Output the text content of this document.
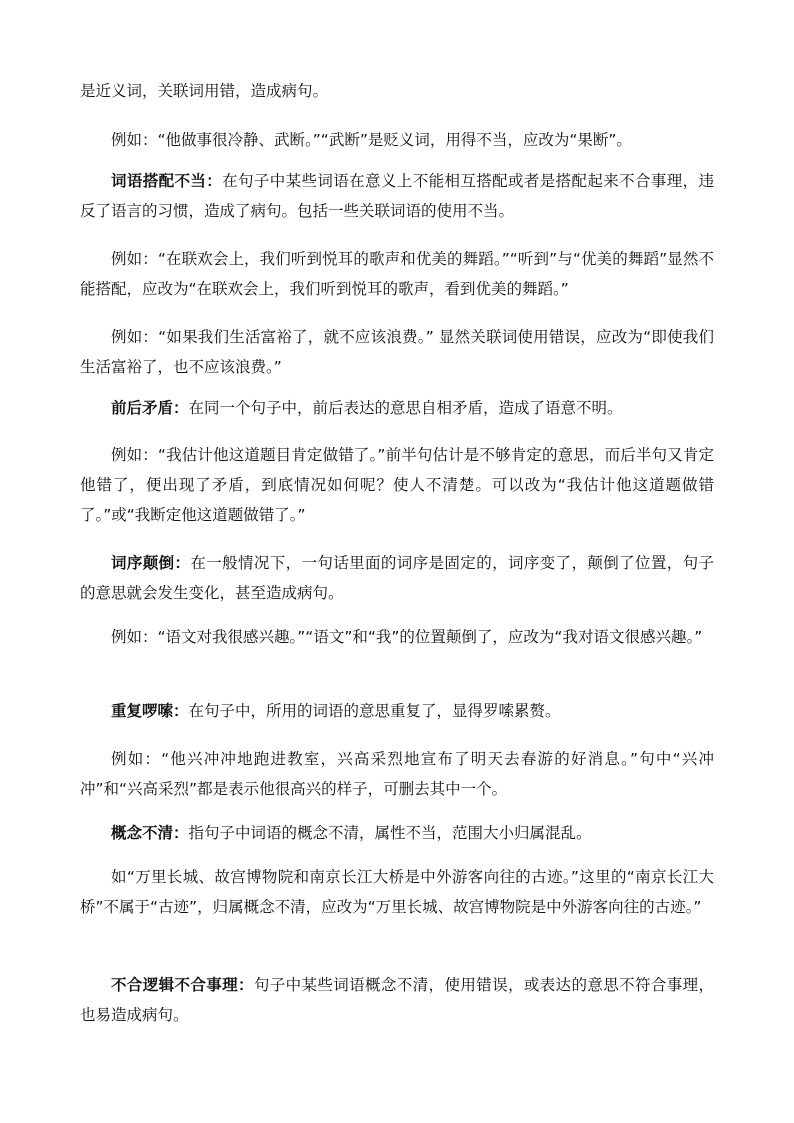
是近义词，关联词用错，造成病句。

例如：“他做事很冷静、武断。”“武断”是贬义词，用得不当，应改为“果断”。

词语搭配不当：在句子中某些词语在意义上不能相互搭配或者是搭配起来不合事理，违反了语言的习惯，造成了病句。包括一些关联词语的使用不当。

例如：“在联欢会上，我们听到悦耳的歌声和优美的舞蹈。”“听到”与“优美的舞蹈”显然不能搭配，应改为“在联欢会上，我们听到悦耳的歌声，看到优美的舞蹈。”

例如：“如果我们生活富裕了，就不应该浪费。” 显然关联词使用错误，应改为“即使我们生活富裕了，也不应该浪费。”

前后矛盾：在同一个句子中，前后表达的意思自相矛盾，造成了语意不明。

例如：“我估计他这道题目肯定做错了。”前半句估计是不够肯定的意思，而后半句又肯定他错了，便出现了矛盾，到底情况如何呢？使人不清楚。可以改为“我估计他这道题做错了。”或“我断定他这道题做错了。”

词序颠倒：在一般情况下，一句话里面的词序是固定的，词序变了，颠倒了位置，句子的意思就会发生变化，甚至造成病句。

例如：“语文对我很感兴趣。”“语文”和“我”的位置颠倒了，应改为“我对语文很感兴趣。”

重复啰嗦：在句子中，所用的词语的意思重复了，显得罗嗦累赘。

例如：“他兴冲冲地跑进教室，兴高采烈地宣布了明天去春游的好消息。”句中“兴冲冲”和“兴高采烈”都是表示他很高兴的样子，可删去其中一个。

概念不清：指句子中词语的概念不清，属性不当，范围大小归属混乱。

如“万里长城、故宫博物院和南京长江大桥是中外游客向往的古迹。”这里的“南京长江大桥”不属于“古迹”，归属概念不清，应改为“万里长城、故宫博物院是中外游客向往的古迹。”

不合逻辑不合事理：句子中某些词语概念不清，使用错误，或表达的意思不符合事理，也易造成病句。
